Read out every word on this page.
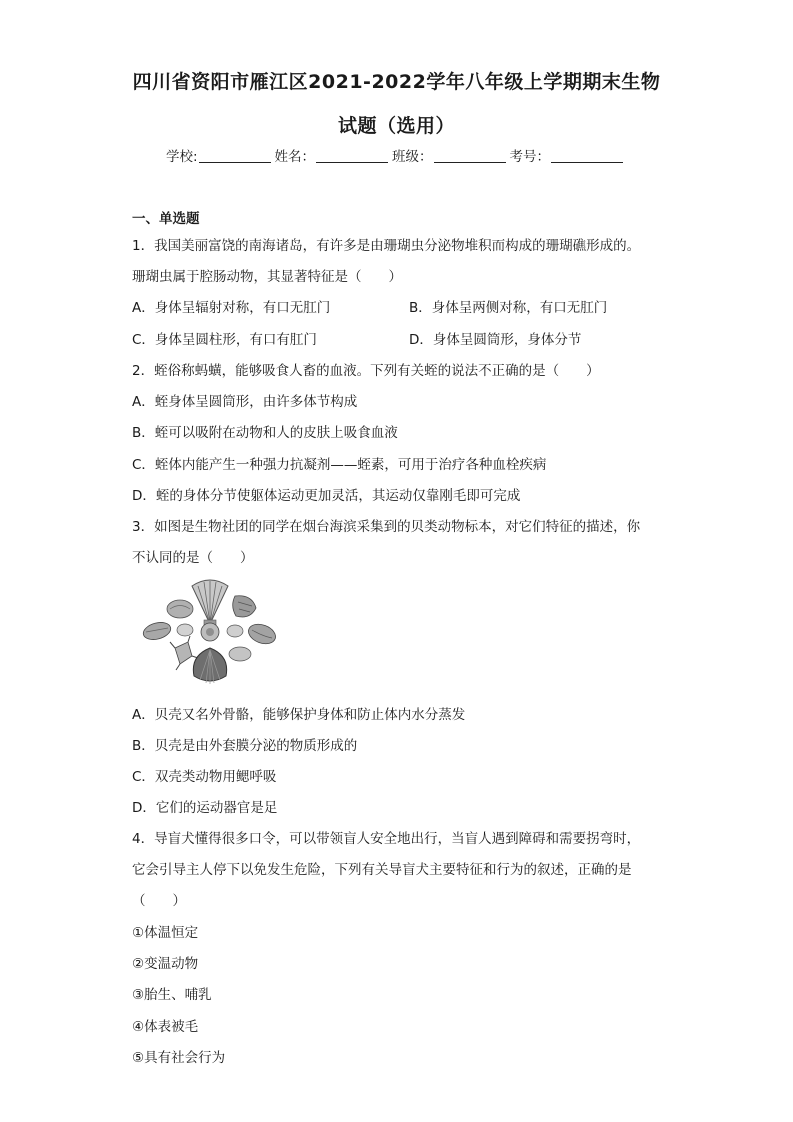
四川省资阳市雁江区2021-2022学年八年级上学期期末生物
试题（选用）
学校:	姓名：	班级：	考号：
一、单选题
1．我国美丽富饶的南海诸岛，有许多是由珊瑚虫分泌物堆积而构成的珊瑚礁形成的。
珊瑚虫属于腔肠动物，其显著特征是（　　）
A．身体呈辐射对称，有口无肛门	B．身体呈两侧对称，有口无肛门
C．身体呈圆柱形，有口有肛门	D．身体呈圆筒形，身体分节
2．蛭俗称蚂蟥，能够吸食人畜的血液。下列有关蛭的说法不正确的是（　　）
A．蛭身体呈圆筒形，由许多体节构成
B．蛭可以吸附在动物和人的皮肤上吸食血液
C．蛭体内能产生一种强力抗凝剂——蛭素，可用于治疗各种血栓疾病
D．蛭的身体分节使躯体运动更加灵活，其运动仅靠刚毛即可完成
3．如图是生物社团的同学在烟台海滨采集到的贝类动物标本，对它们特征的描述，你
不认同的是（　　）
A．贝壳又名外骨骼，能够保护身体和防止体内水分蒸发
B．贝壳是由外套膜分泌的物质形成的
C．双壳类动物用鳃呼吸
D．它们的运动器官是足
4．导盲犬懂得很多口令，可以带领盲人安全地出行，当盲人遇到障碍和需要拐弯时，
它会引导主人停下以免发生危险，下列有关导盲犬主要特征和行为的叙述，正确的是
（　　）
①体温恒定
②变温动物
③胎生、哺乳
④体表被毛
⑤具有社会行为
